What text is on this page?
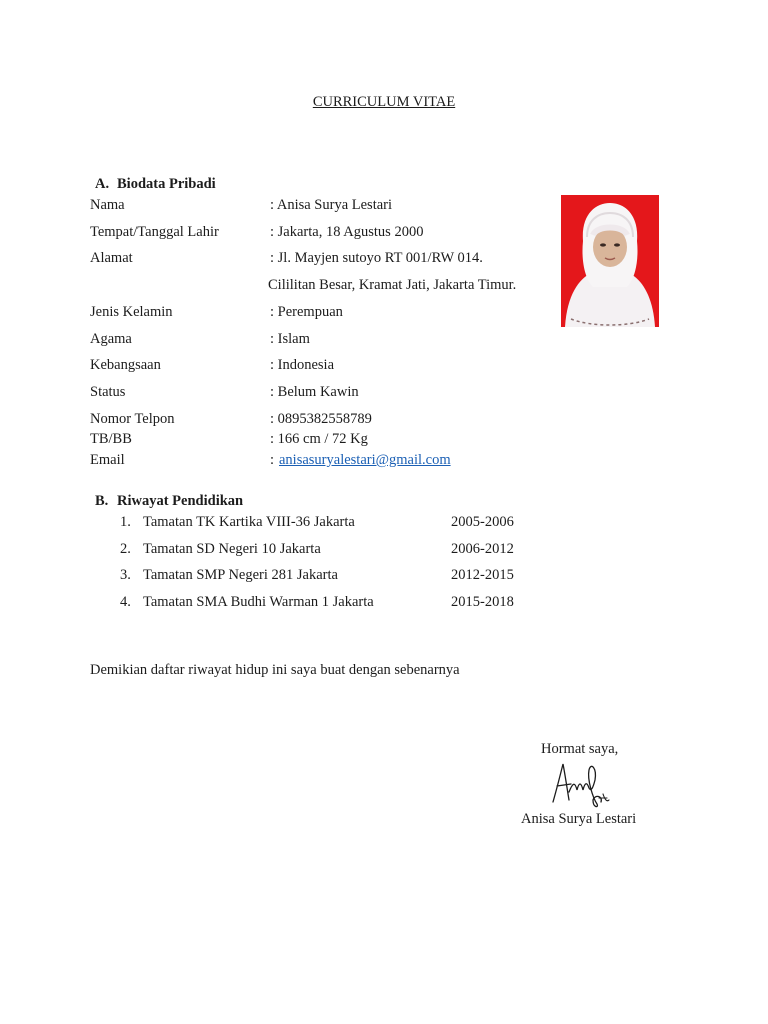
CURRICULUM VITAE
A. Biodata Pribadi
Nama	: Anisa Surya Lestari
Tempat/Tanggal Lahir	: Jakarta, 18 Agustus 2000
Alamat	: Jl. Mayjen sutoyo RT 001/RW 014.
Cililitan Besar, Kramat Jati, Jakarta Timur.
Jenis Kelamin	: Perempuan
Agama	: Islam
Kebangsaan	: Indonesia
Status	: Belum Kawin
Nomor Telpon	: 0895382558789
TB/BB	: 166 cm / 72 Kg
Email	: anisasuryalestari@gmail.com
B. Riwayat Pendidikan
1. Tamatan TK Kartika VIII-36 Jakarta	2005-2006
2. Tamatan SD Negeri 10 Jakarta	2006-2012
3. Tamatan SMP Negeri 281 Jakarta	2012-2015
4. Tamatan SMA Budhi Warman 1 Jakarta	2015-2018
Demikian daftar riwayat hidup ini saya buat dengan sebenarnya
Hormat saya,
Anisa Surya Lestari
